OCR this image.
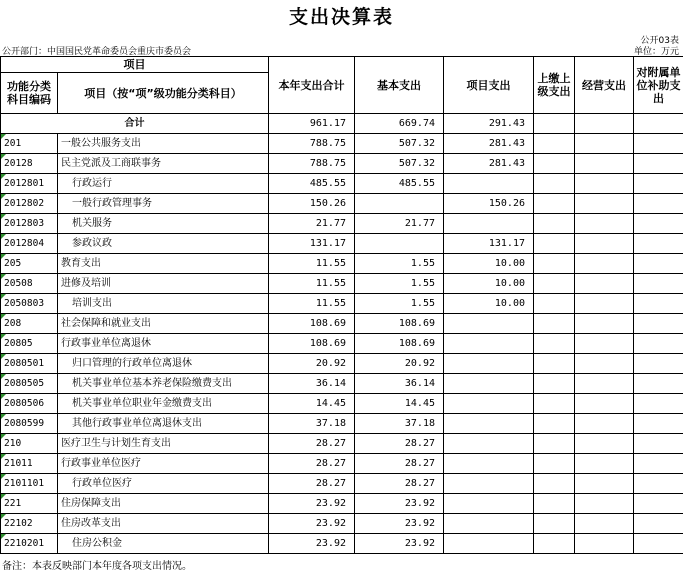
支出决算表
公开03表
公开部门：中国国民党革命委员会重庆市委员会	单位：万元
项目		本年支出合计	基本支出	项目支出	上缴上级支出	经营支出	对附属单位补助支出
功能分类科目编码	项目（按“项”级功能分类科目）						
合计		961.17	669.74	291.43			
201	一般公共服务支出	788.75	507.32	281.43			
20128	民主党派及工商联事务	788.75	507.32	281.43			
2012801	行政运行	485.55	485.55				
2012802	一般行政管理事务	150.26		150.26			
2012803	机关服务	21.77	21.77				
2012804	参政议政	131.17		131.17			
205	教育支出	11.55	1.55	10.00			
20508	进修及培训	11.55	1.55	10.00			
2050803	培训支出	11.55	1.55	10.00			
208	社会保障和就业支出	108.69	108.69				
20805	行政事业单位离退休	108.69	108.69				
2080501	归口管理的行政单位离退休	20.92	20.92				
2080505	机关事业单位基本养老保险缴费支出	36.14	36.14				
2080506	机关事业单位职业年金缴费支出	14.45	14.45				
2080599	其他行政事业单位离退休支出	37.18	37.18				
210	医疗卫生与计划生育支出	28.27	28.27				
21011	行政事业单位医疗	28.27	28.27				
2101101	行政单位医疗	28.27	28.27				
221	住房保障支出	23.92	23.92				
22102	住房改革支出	23.92	23.92				
2210201	住房公积金	23.92	23.92				
备注：本表反映部门本年度各项支出情况。
